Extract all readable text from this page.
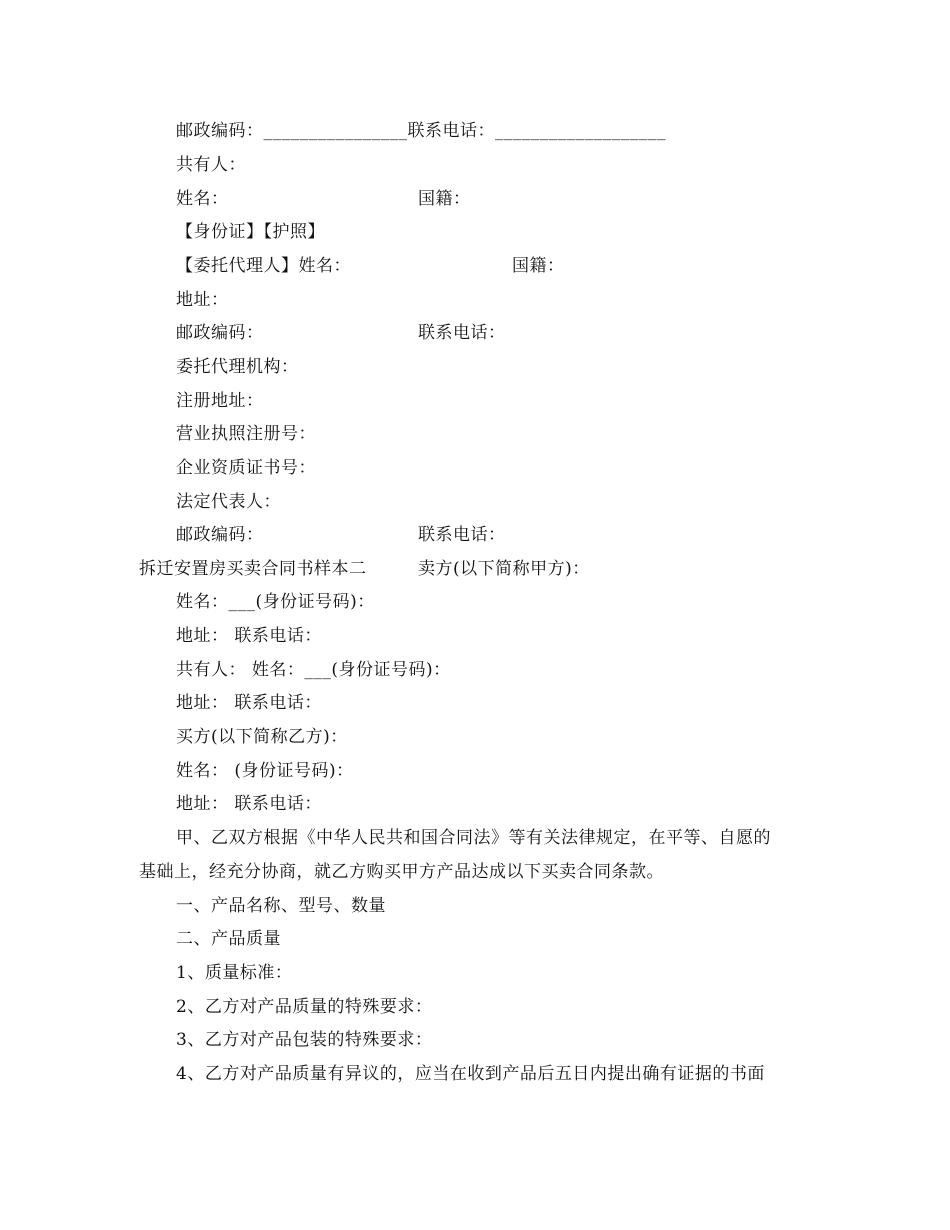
邮政编码：________________联系电话：___________________
共有人：
姓名：	国籍：
【身份证】【护照】
【委托代理人】姓名：	国籍：
地址：
邮政编码：	联系电话：
委托代理机构：
注册地址：
营业执照注册号：
企业资质证书号：
法定代表人：
邮政编码：	联系电话：
拆迁安置房买卖合同书样本二	卖方(以下简称甲方)：
姓名：___(身份证号码)：
地址： 联系电话：
共有人： 姓名：___(身份证号码)：
地址： 联系电话：
买方(以下简称乙方)：
姓名： (身份证号码)：
地址： 联系电话：
甲、乙双方根据《中华人民共和国合同法》等有关法律规定，在平等、自愿的
基础上，经充分协商，就乙方购买甲方产品达成以下买卖合同条款。
一、产品名称、型号、数量
二、产品质量
1、质量标准：
2、乙方对产品质量的特殊要求：
3、乙方对产品包装的特殊要求：
4、乙方对产品质量有异议的，应当在收到产品后五日内提出确有证据的书面
